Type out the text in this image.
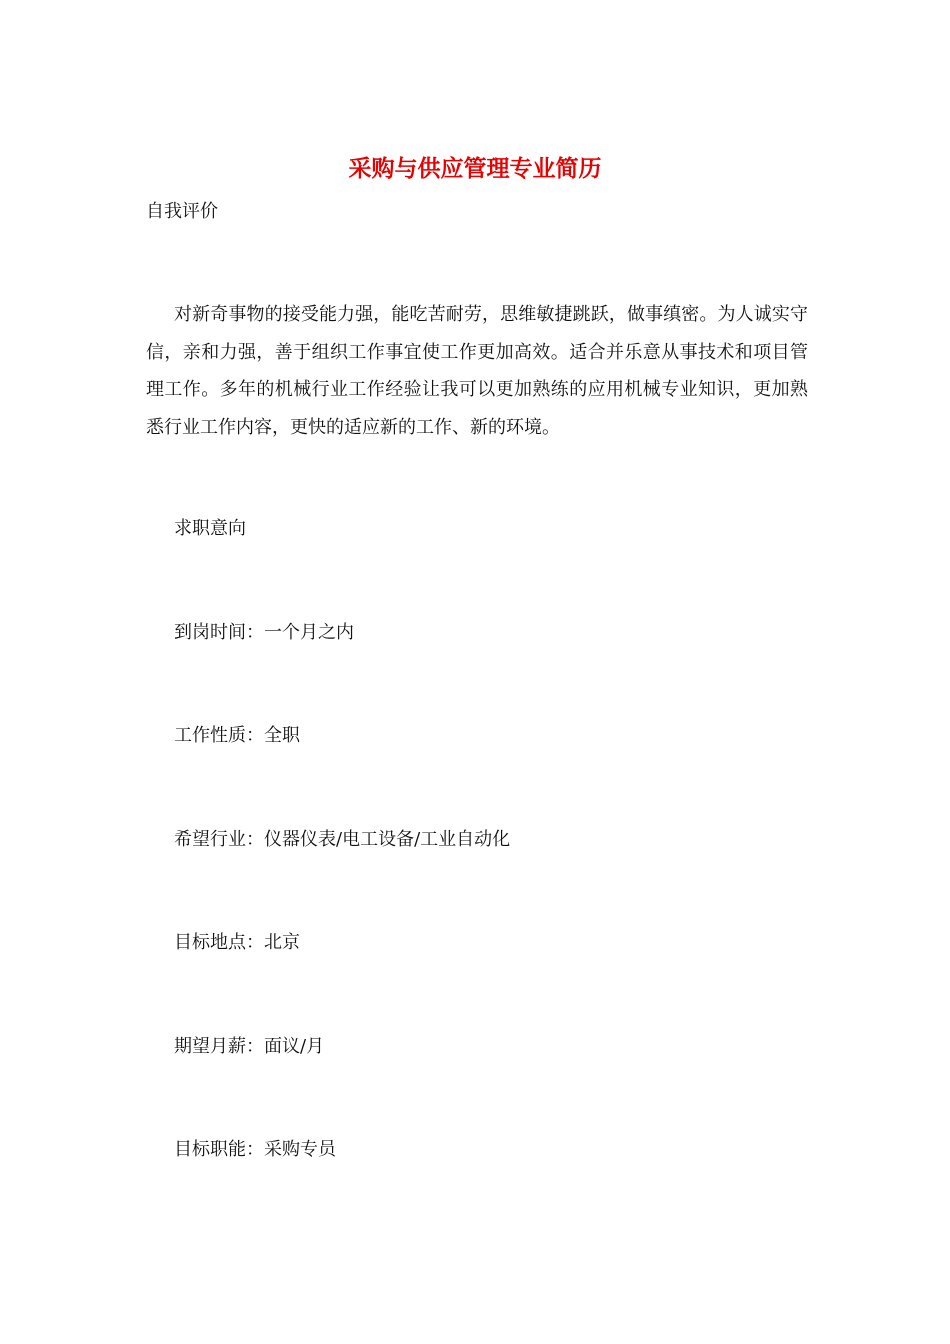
采购与供应管理专业简历
自我评价

对新奇事物的接受能力强，能吃苦耐劳，思维敏捷跳跃，做事缜密。为人诚实守信，亲和力强，善于组织工作事宜使工作更加高效。适合并乐意从事技术和项目管理工作。多年的机械行业工作经验让我可以更加熟练的应用机械专业知识，更加熟悉行业工作内容，更快的适应新的工作、新的环境。

求职意向
到岗时间：一个月之内
工作性质：全职
希望行业：仪器仪表/电工设备/工业自动化
目标地点：北京
期望月薪：面议/月
目标职能：采购专员
